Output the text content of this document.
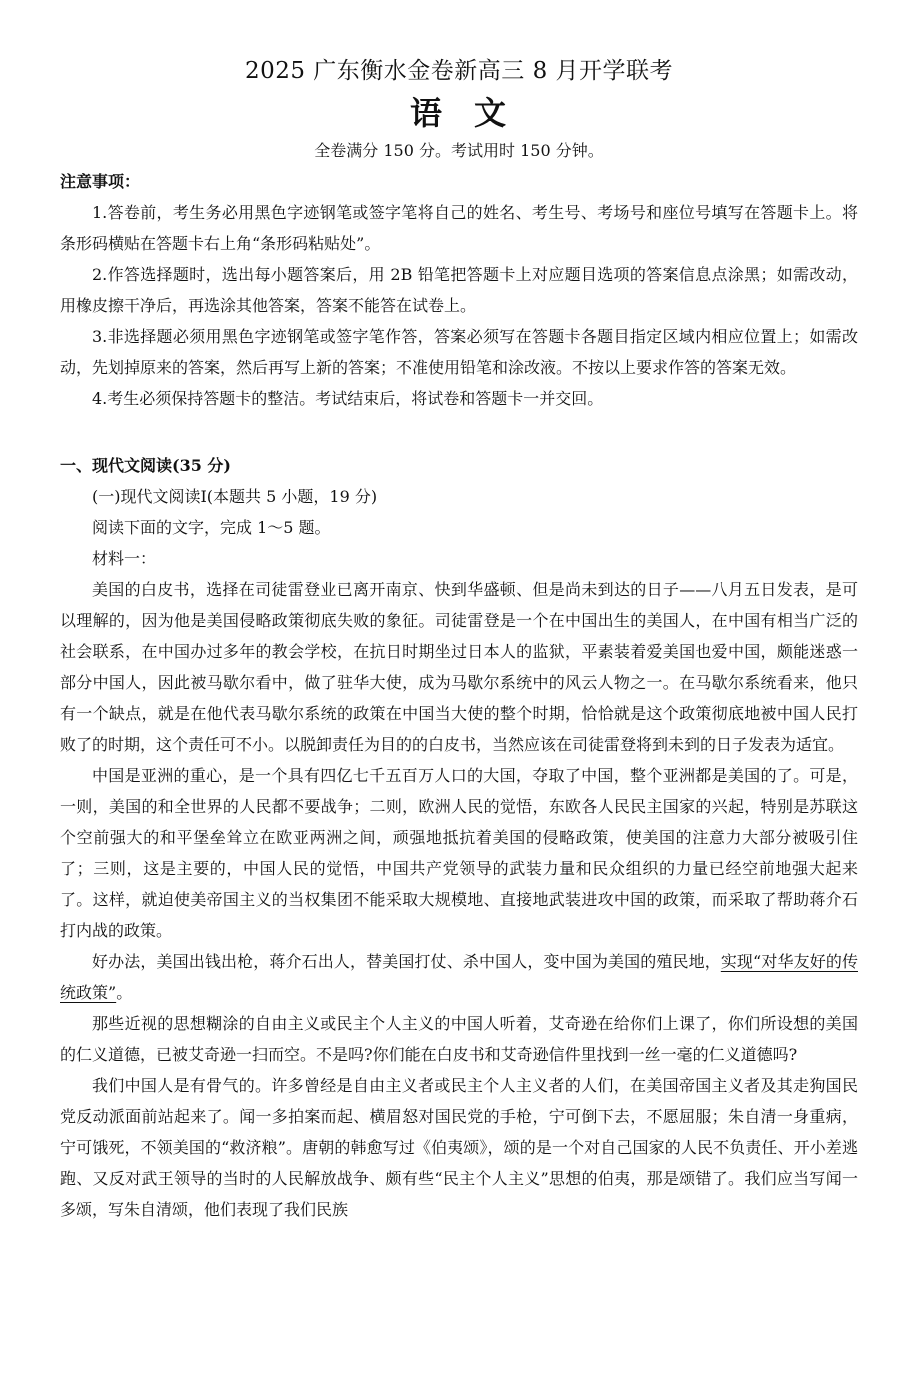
2025 广东衡水金卷新高三 8 月开学联考
语文

全卷满分 150 分。考试用时 150 分钟。

注意事项：

1.答卷前，考生务必用黑色字迹钢笔或签字笔将自己的姓名、考生号、考场号和座位号填写在答题卡上。将条形码横贴在答题卡右上角“条形码粘贴处”。

2.作答选择题时，选出每小题答案后，用 2B 铅笔把答题卡上对应题目选项的答案信息点涂黑；如需改动，用橡皮擦干净后，再选涂其他答案，答案不能答在试卷上。

3.非选择题必须用黑色字迹钢笔或签字笔作答，答案必须写在答题卡各题目指定区域内相应位置上；如需改动，先划掉原来的答案，然后再写上新的答案；不准使用铅笔和涂改液。不按以上要求作答的答案无效。

4.考生必须保持答题卡的整洁。考试结束后，将试卷和答题卡一并交回。

一、现代文阅读(35 分)

(一)现代文阅读Ⅰ(本题共 5 小题，19 分)

阅读下面的文字，完成 1～5 题。

材料一：

美国的白皮书，选择在司徒雷登业已离开南京、快到华盛顿、但是尚未到达的日子——八月五日发表，是可以理解的，因为他是美国侵略政策彻底失败的象征。司徒雷登是一个在中国出生的美国人，在中国有相当广泛的社会联系，在中国办过多年的教会学校，在抗日时期坐过日本人的监狱，平素装着爱美国也爱中国，颇能迷惑一部分中国人，因此被马歇尔看中，做了驻华大使，成为马歇尔系统中的风云人物之一。在马歇尔系统看来，他只有一个缺点，就是在他代表马歇尔系统的政策在中国当大使的整个时期，恰恰就是这个政策彻底地被中国人民打败了的时期，这个责任可不小。以脱卸责任为目的的白皮书，当然应该在司徒雷登将到未到的日子发表为适宜。

中国是亚洲的重心，是一个具有四亿七千五百万人口的大国，夺取了中国，整个亚洲都是美国的了。可是，一则，美国的和全世界的人民都不要战争；二则，欧洲人民的觉悟，东欧各人民民主国家的兴起，特别是苏联这个空前强大的和平堡垒耸立在欧亚两洲之间，顽强地抵抗着美国的侵略政策，使美国的注意力大部分被吸引住了；三则，这是主要的，中国人民的觉悟，中国共产党领导的武装力量和民众组织的力量已经空前地强大起来了。这样，就迫使美帝国主义的当权集团不能采取大规模地、直接地武装进攻中国的政策，而采取了帮助蒋介石打内战的政策。

好办法，美国出钱出枪，蒋介石出人，替美国打仗、杀中国人，变中国为美国的殖民地，实现“对华友好的传统政策”。

那些近视的思想糊涂的自由主义或民主个人主义的中国人听着，艾奇逊在给你们上课了，你们所设想的美国的仁义道德，已被艾奇逊一扫而空。不是吗?你们能在白皮书和艾奇逊信件里找到一丝一毫的仁义道德吗?

我们中国人是有骨气的。许多曾经是自由主义者或民主个人主义者的人们，在美国帝国主义者及其走狗国民党反动派面前站起来了。闻一多拍案而起、横眉怒对国民党的手枪，宁可倒下去，不愿屈服；朱自清一身重病，宁可饿死，不领美国的“救济粮”。唐朝的韩愈写过《伯夷颂》，颂的是一个对自己国家的人民不负责任、开小差逃跑、又反对武王领导的当时的人民解放战争、颇有些“民主个人主义”思想的伯夷，那是颂错了。我们应当写闻一多颂，写朱自清颂，他们表现了我们民族
